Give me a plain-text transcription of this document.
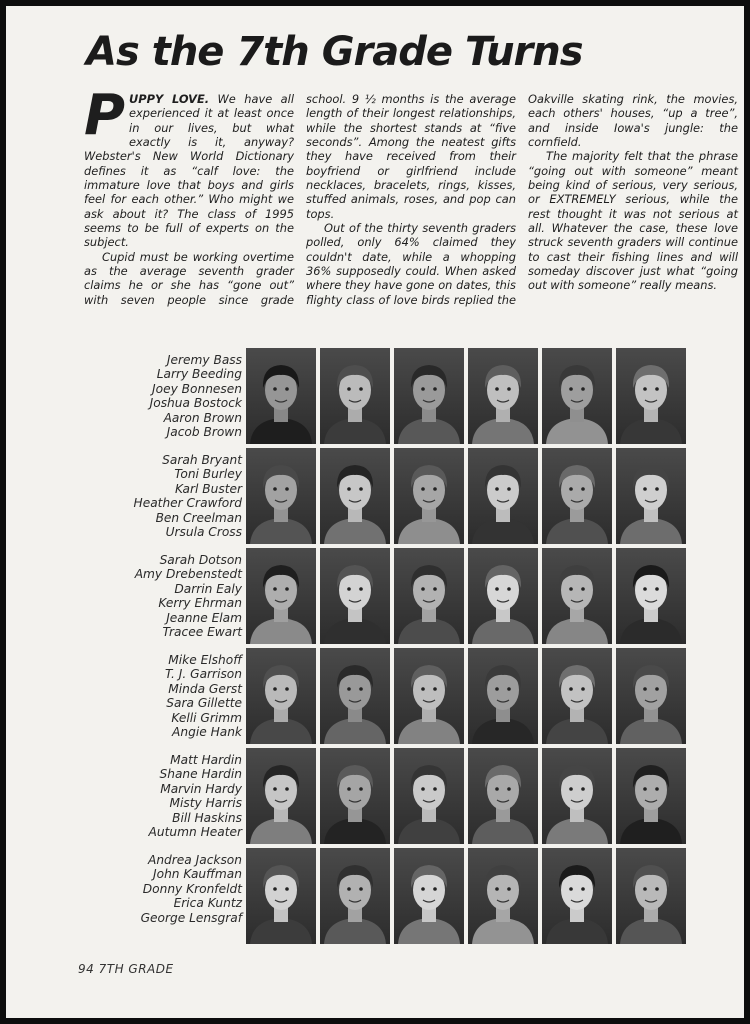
As the 7th Grade Turns

PUPPY LOVE. We have all experienced it at least once in our lives, but what exactly is it, anyway? Webster's New World Dictionary defines it as “calf love: the immature love that boys and girls feel for each other.” Who might we ask about it? The class of 1995 seems to be full of experts on the subject.

Cupid must be working overtime as the average seventh grader claims he or she has “gone out” with seven people since grade school. 9 ½ months is the average length of their longest relationships, while the shortest stands at “five seconds”. Among the neatest gifts they have received from their boyfriend or girlfriend include necklaces, bracelets, rings, kisses, stuffed animals, roses, and pop can tops.

Out of the thirty seventh graders polled, only 64% claimed they couldn't date, while a whopping 36% supposedly could. When asked where they have gone on dates, this flighty class of love birds replied the Oakville skating rink, the movies, each others' houses, “up a tree”, and inside Iowa's jungle: the cornfield.

The majority felt that the phrase “going out with someone” meant being kind of serious, very serious, or EXTREMELY serious, while the rest thought it was not serious at all. Whatever the case, these love struck seventh graders will continue to cast their fishing lines and will someday discover just what “going out with someone” really means.

Jeremy Bass
Larry Beeding
Joey Bonnesen
Joshua Bostock
Aaron Brown
Jacob Brown
Sarah Bryant
Toni Burley
Karl Buster
Heather Crawford
Ben Creelman
Ursula Cross
Sarah Dotson
Amy Drebenstedt
Darrin Ealy
Kerry Ehrman
Jeanne Elam
Tracee Ewart
Mike Elshoff
T. J. Garrison
Minda Gerst
Sara Gillette
Kelli Grimm
Angie Hank
Matt Hardin
Shane Hardin
Marvin Hardy
Misty Harris
Bill Haskins
Autumn Heater
Andrea Jackson
John Kauffman
Donny Kronfeldt
Erica Kuntz
George Lensgraf
94 7TH GRADE
